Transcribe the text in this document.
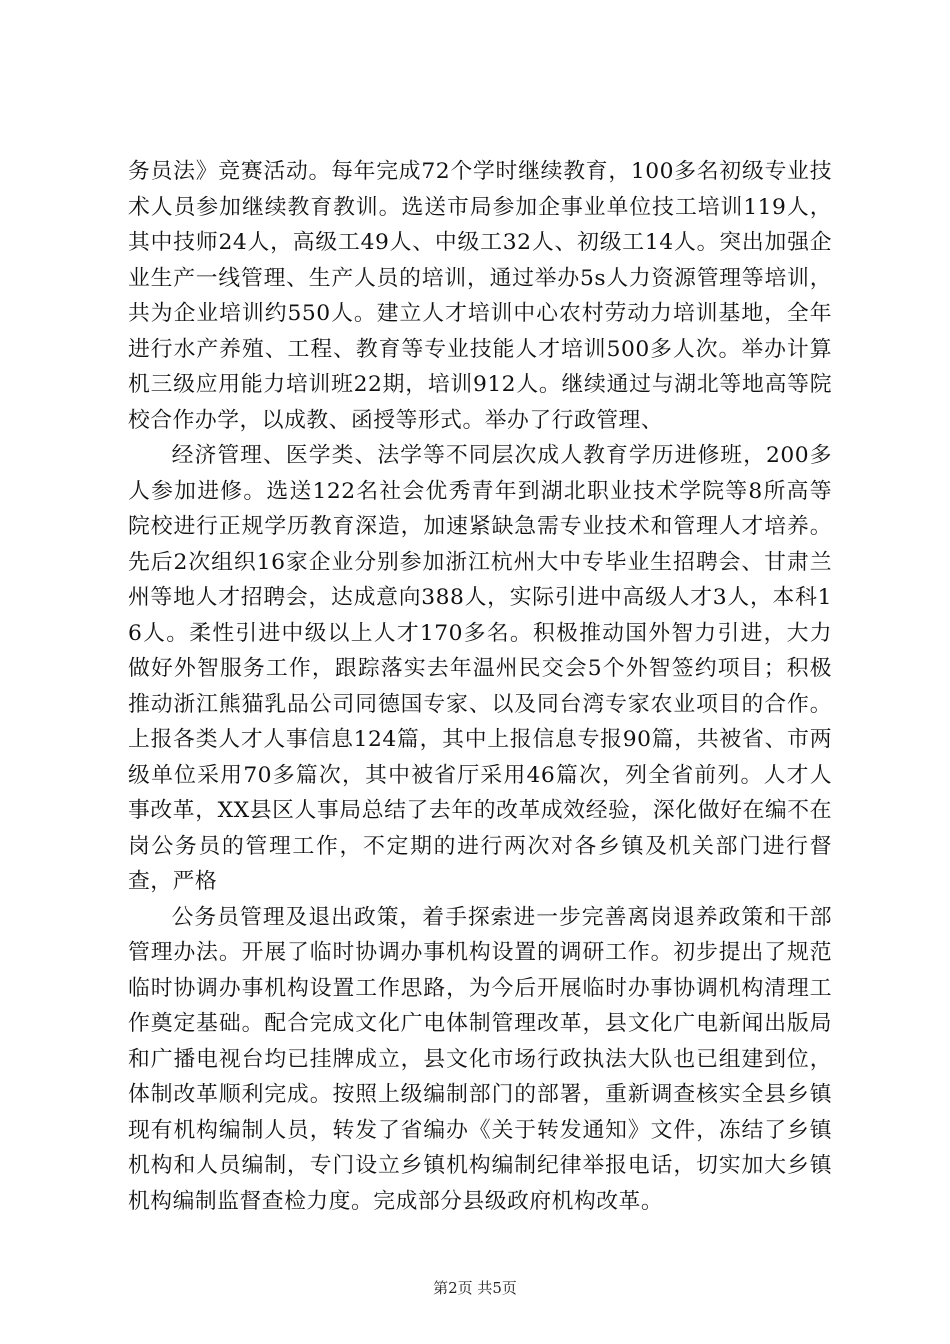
务员法》竞赛活动。每年完成72个学时继续教育，100多名初级专业技术人员参加继续教育教训。选送市局参加企事业单位技工培训119人，其中技师24人，高级工49人、中级工32人、初级工14人。突出加强企业生产一线管理、生产人员的培训，通过举办5s人力资源管理等培训，共为企业培训约550人。建立人才培训中心农村劳动力培训基地，全年进行水产养殖、工程、教育等专业技能人才培训500多人次。举办计算机三级应用能力培训班22期，培训912人。继续通过与湖北等地高等院校合作办学，以成教、函授等形式。举办了行政管理、

经济管理、医学类、法学等不同层次成人教育学历进修班，200多人参加进修。选送122名社会优秀青年到湖北职业技术学院等8所高等院校进行正规学历教育深造，加速紧缺急需专业技术和管理人才培养。先后2次组织16家企业分别参加浙江杭州大中专毕业生招聘会、甘肃兰州等地人才招聘会，达成意向388人，实际引进中高级人才3人，本科16人。柔性引进中级以上人才170多名。积极推动国外智力引进，大力做好外智服务工作，跟踪落实去年温州民交会5个外智签约项目；积极推动浙江熊猫乳品公司同德国专家、以及同台湾专家农业项目的合作。上报各类人才人事信息124篇，其中上报信息专报90篇，共被省、市两级单位采用70多篇次，其中被省厅采用46篇次，列全省前列。人才人事改革，XX县区人事局总结了去年的改革成效经验，深化做好在编不在岗公务员的管理工作，不定期的进行两次对各乡镇及机关部门进行督查，严格

公务员管理及退出政策，着手探索进一步完善离岗退养政策和干部管理办法。开展了临时协调办事机构设置的调研工作。初步提出了规范临时协调办事机构设置工作思路，为今后开展临时办事协调机构清理工作奠定基础。配合完成文化广电体制管理改革，县文化广电新闻出版局和广播电视台均已挂牌成立，县文化市场行政执法大队也已组建到位，体制改革顺利完成。按照上级编制部门的部署，重新调查核实全县乡镇现有机构编制人员，转发了省编办《关于转发通知》文件，冻结了乡镇机构和人员编制，专门设立乡镇机构编制纪律举报电话，切实加大乡镇机构编制监督查检力度。完成部分县级政府机构改革。

第2页 共5页
